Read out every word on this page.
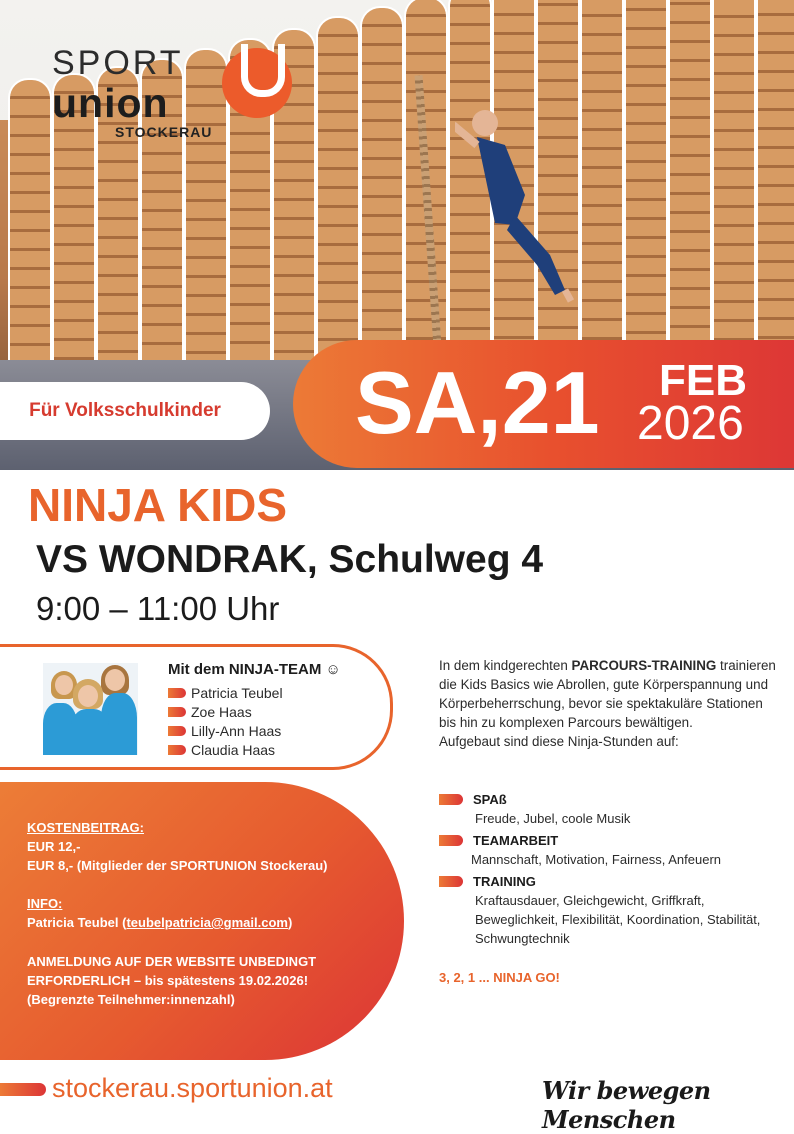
SPORT
union
STOCKERAU
Für Volksschulkinder SA,21 FEB
2026
NINJA KIDS
VS WONDRAK, Schulweg 4
9:00 – 11:00 Uhr
Mit dem NINJA-TEAM ☺
Patricia Teubel
Zoe Haas
Lilly-Ann Haas
Claudia Haas
KOSTENBEITRAG:
EUR 12,-
EUR 8,- (Mitglieder der SPORTUNION Stockerau)
INFO:
Patricia Teubel (teubelpatricia@gmail.com)
ANMELDUNG AUF DER WEBSITE UNBEDINGT
ERFORDERLICH – bis spätestens 19.02.2026!
(Begrenzte Teilnehmer:innenzahl)
In dem kindgerechten PARCOURS-TRAINING trainieren die Kids Basics wie Abrollen, gute Körperspannung und Körperbeherrschung, bevor sie spektakuläre Stationen bis hin zu komplexen Parcours bewältigen.
Aufgebaut sind diese Ninja-Stunden auf:
SPAß
Freude, Jubel, coole Musik
TEAMARBEIT
Mannschaft, Motivation, Fairness, Anfeuern
TRAINING
Kraftausdauer, Gleichgewicht, Griffkraft, Beweglichkeit, Flexibilität, Koordination, Stabilität, Schwungtechnik
3, 2, 1 ... NINJA GO!
stockerau.sportunion.at	Wir bewegen Menschen
